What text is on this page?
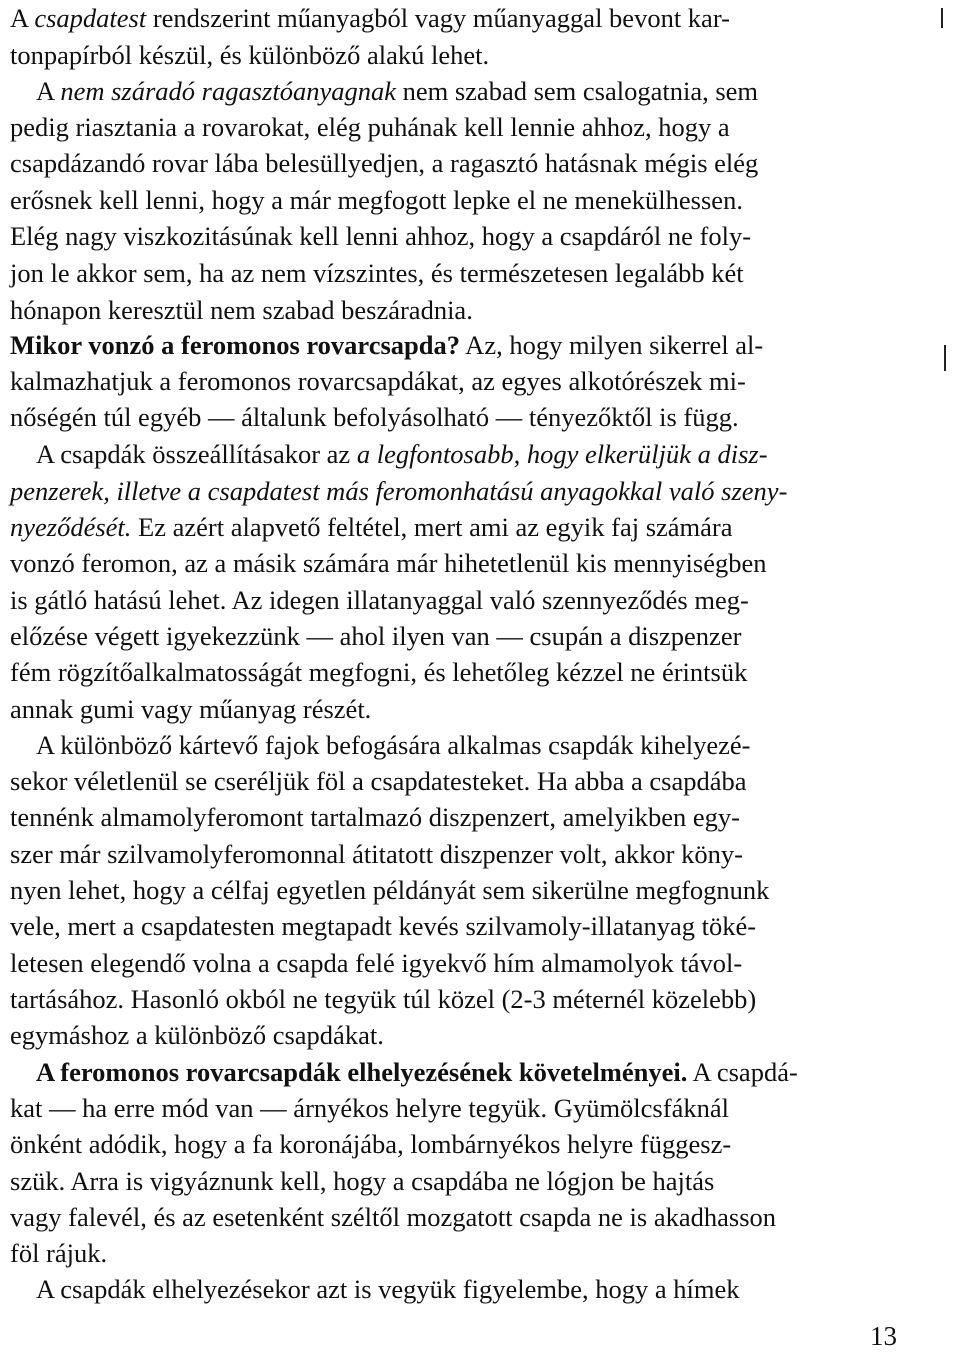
A csapdatest rendszerint műanyagból vagy műanyaggal bevont kar-
tonpapírból készül, és különböző alakú lehet.
A nem száradó ragasztóanyagnak nem szabad sem csalogatnia, sem
pedig riasztania a rovarokat, elég puhának kell lennie ahhoz, hogy a
csapdázandó rovar lába belesüllyedjen, a ragasztó hatásnak mégis elég
erősnek kell lenni, hogy a már megfogott lepke el ne menekülhessen.
Elég nagy viszkozitásúnak kell lenni ahhoz, hogy a csapdáról ne foly-
jon le akkor sem, ha az nem vízszintes, és természetesen legalább két
hónapon keresztül nem szabad beszáradnia.
Mikor vonzó a feromonos rovarcsapda? Az, hogy milyen sikerrel al-
kalmazhatjuk a feromonos rovarcsapdákat, az egyes alkotórészek mi-
nőségén túl egyéb — általunk befolyásolható — tényezőktől is függ.
A csapdák összeállításakor az a legfontosabb, hogy elkerüljük a disz-
penzerek, illetve a csapdatest más feromonhatású anyagokkal való szeny-
nyeződését. Ez azért alapvető feltétel, mert ami az egyik faj számára
vonzó feromon, az a másik számára már hihetetlenül kis mennyiségben
is gátló hatású lehet. Az idegen illatanyaggal való szennyeződés meg-
előzése végett igyekezzünk — ahol ilyen van — csupán a diszpenzer
fém rögzítőalkalmatosságát megfogni, és lehetőleg kézzel ne érintsük
annak gumi vagy műanyag részét.
A különböző kártevő fajok befogására alkalmas csapdák kihelyezé-
sekor véletlenül se cseréljük föl a csapdatesteket. Ha abba a csapdába
tennénk almamolyferomont tartalmazó diszpenzert, amelyikben egy-
szer már szilvamolyferomonnal átitatott diszpenzer volt, akkor köny-
nyen lehet, hogy a célfaj egyetlen példányát sem sikerülne megfognunk
vele, mert a csapdatesten megtapadt kevés szilvamoly-illatanyag töké-
letesen elegendő volna a csapda felé igyekvő hím almamolyok távol-
tartásához. Hasonló okból ne tegyük túl közel (2-3 méternél közelebb)
egymáshoz a különböző csapdákat.
A feromonos rovarcsapdák elhelyezésének követelményei. A csapdá-
kat — ha erre mód van — árnyékos helyre tegyük. Gyümölcsfáknál
önként adódik, hogy a fa koronájába, lombárnyékos helyre függesz-
szük. Arra is vigyáznunk kell, hogy a csapdába ne lógjon be hajtás
vagy falevél, és az esetenként széltől mozgatott csapda ne is akadhasson
föl rájuk.
A csapdák elhelyezésekor azt is vegyük figyelembe, hogy a hímek
13
